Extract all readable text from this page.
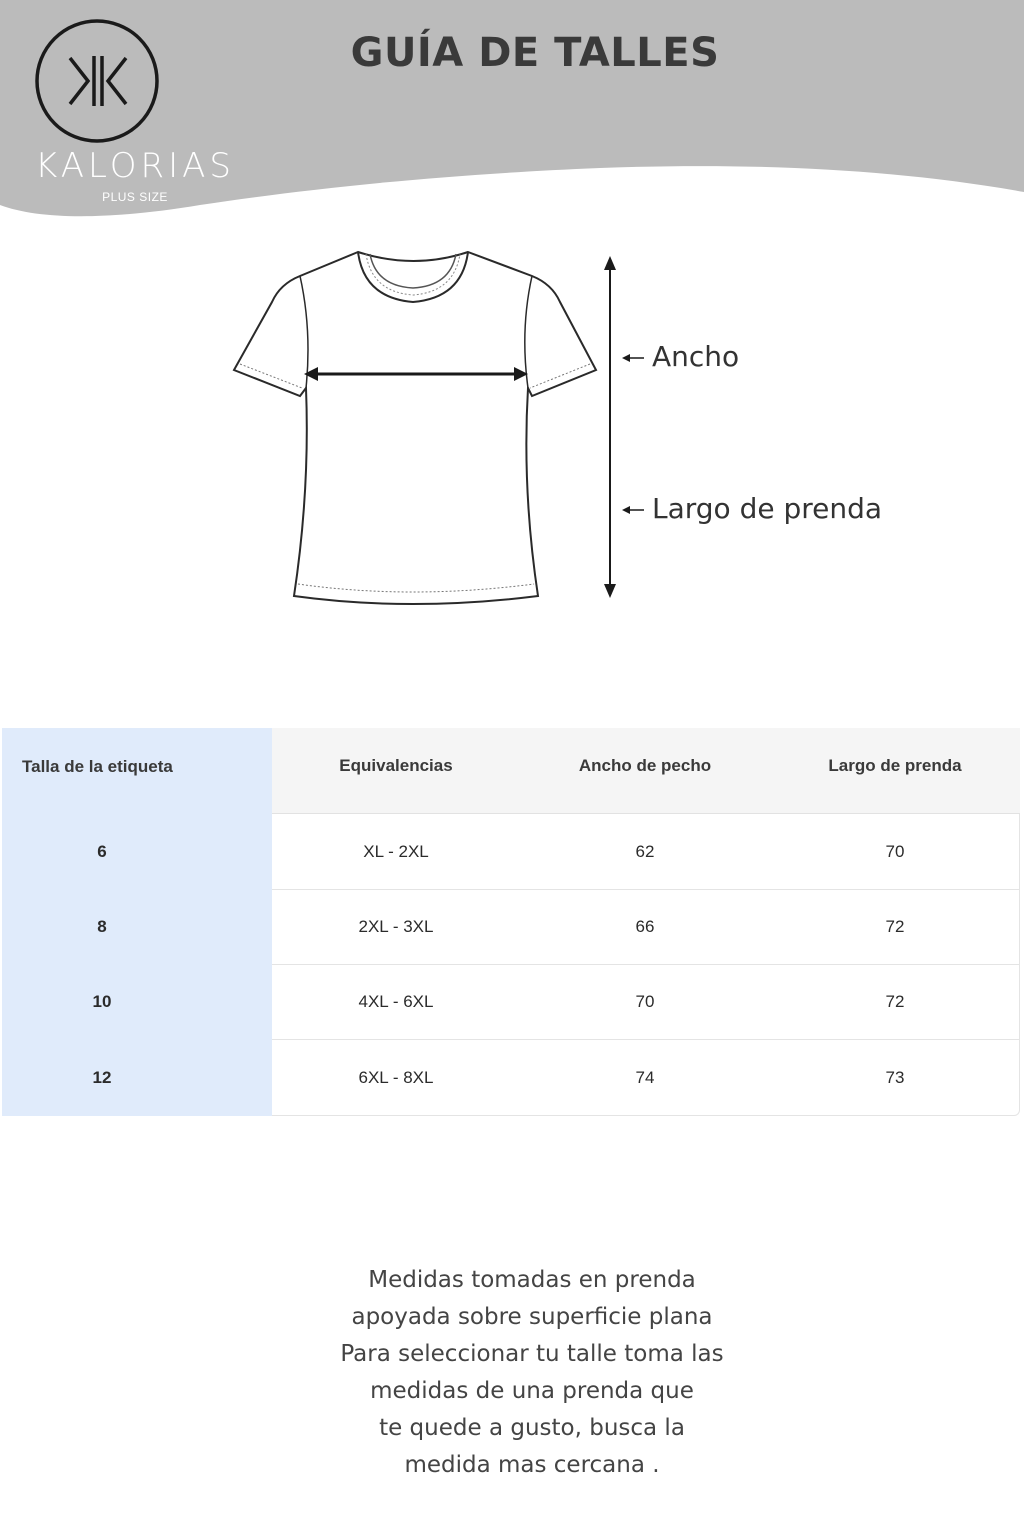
KALORIAS
PLUS SIZE
GUÍA DE TALLES
Ancho
Largo de prenda
Talla de la etiqueta	Equivalencias	Ancho de pecho	Largo de prenda
6	XL - 2XL	62	70
8	2XL - 3XL	66	72
10	4XL - 6XL	70	72
12	6XL - 8XL	74	73
Medidas tomadas en prenda
apoyada sobre superficie plana
Para seleccionar tu talle toma las
medidas de una prenda que
te quede a gusto, busca la
medida mas cercana .
